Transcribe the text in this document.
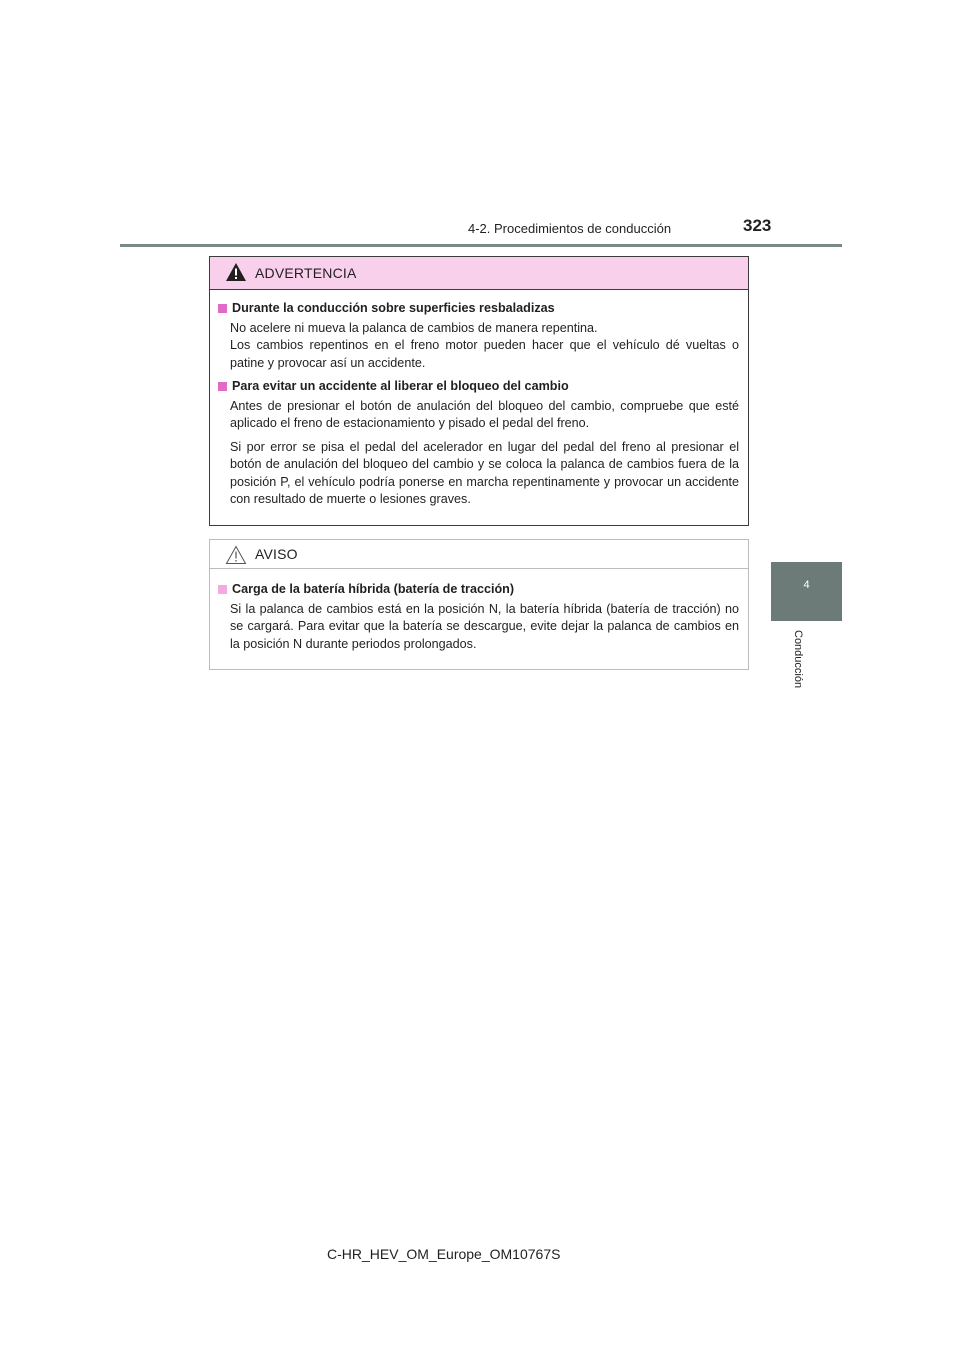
4-2. Procedimientos de conducción	323
4
Conducción
ADVERTENCIA
Durante la conducción sobre superficies resbaladizas
No acelere ni mueva la palanca de cambios de manera repentina.
Los cambios repentinos en el freno motor pueden hacer que el vehículo dé vueltas o patine y provocar así un accidente.
Para evitar un accidente al liberar el bloqueo del cambio
Antes de presionar el botón de anulación del bloqueo del cambio, compruebe que esté aplicado el freno de estacionamiento y pisado el pedal del freno.
Si por error se pisa el pedal del acelerador en lugar del pedal del freno al presionar el botón de anulación del bloqueo del cambio y se coloca la palanca de cambios fuera de la posición P, el vehículo podría ponerse en marcha repentinamente y provocar un accidente con resultado de muerte o lesiones graves.
AVISO
Carga de la batería híbrida (batería de tracción)
Si la palanca de cambios está en la posición N, la batería híbrida (batería de tracción) no se cargará. Para evitar que la batería se descargue, evite dejar la palanca de cambios en la posición N durante periodos prolongados.
C-HR_HEV_OM_Europe_OM10767S
